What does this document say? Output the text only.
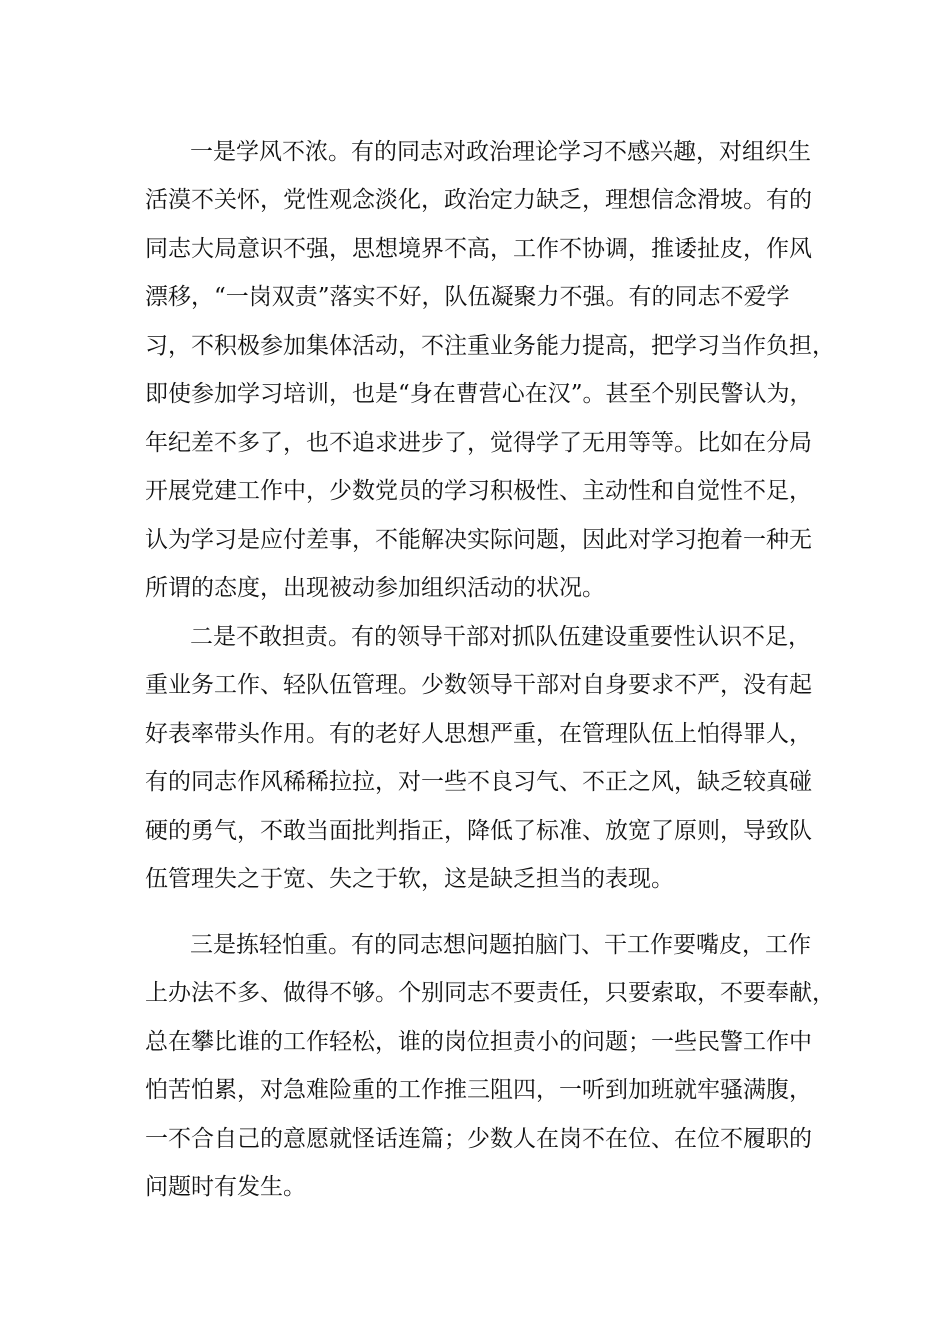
一是学风不浓。有的同志对政治理论学习不感兴趣，对组织生
活漠不关怀，党性观念淡化，政治定力缺乏，理想信念滑坡。有的
同志大局意识不强，思想境界不高，工作不协调，推诿扯皮，作风
漂移，“一岗双责”落实不好，队伍凝聚力不强。有的同志不爱学
习，不积极参加集体活动，不注重业务能力提高，把学习当作负担，
即使参加学习培训，也是“身在曹营心在汉”。甚至个别民警认为，
年纪差不多了，也不追求进步了，觉得学了无用等等。比如在分局
开展党建工作中，少数党员的学习积极性、主动性和自觉性不足，
认为学习是应付差事，不能解决实际问题，因此对学习抱着一种无
所谓的态度，出现被动参加组织活动的状况。
二是不敢担责。有的领导干部对抓队伍建设重要性认识不足，
重业务工作、轻队伍管理。少数领导干部对自身要求不严，没有起
好表率带头作用。有的老好人思想严重，在管理队伍上怕得罪人，
有的同志作风稀稀拉拉，对一些不良习气、不正之风，缺乏较真碰
硬的勇气，不敢当面批判指正，降低了标准、放宽了原则，导致队
伍管理失之于宽、失之于软，这是缺乏担当的表现。
三是拣轻怕重。有的同志想问题拍脑门、干工作要嘴皮，工作
上办法不多、做得不够。个别同志不要责任，只要索取，不要奉献，
总在攀比谁的工作轻松，谁的岗位担责小的问题；一些民警工作中
怕苦怕累，对急难险重的工作推三阻四，一听到加班就牢骚满腹，
一不合自己的意愿就怪话连篇；少数人在岗不在位、在位不履职的
问题时有发生。
